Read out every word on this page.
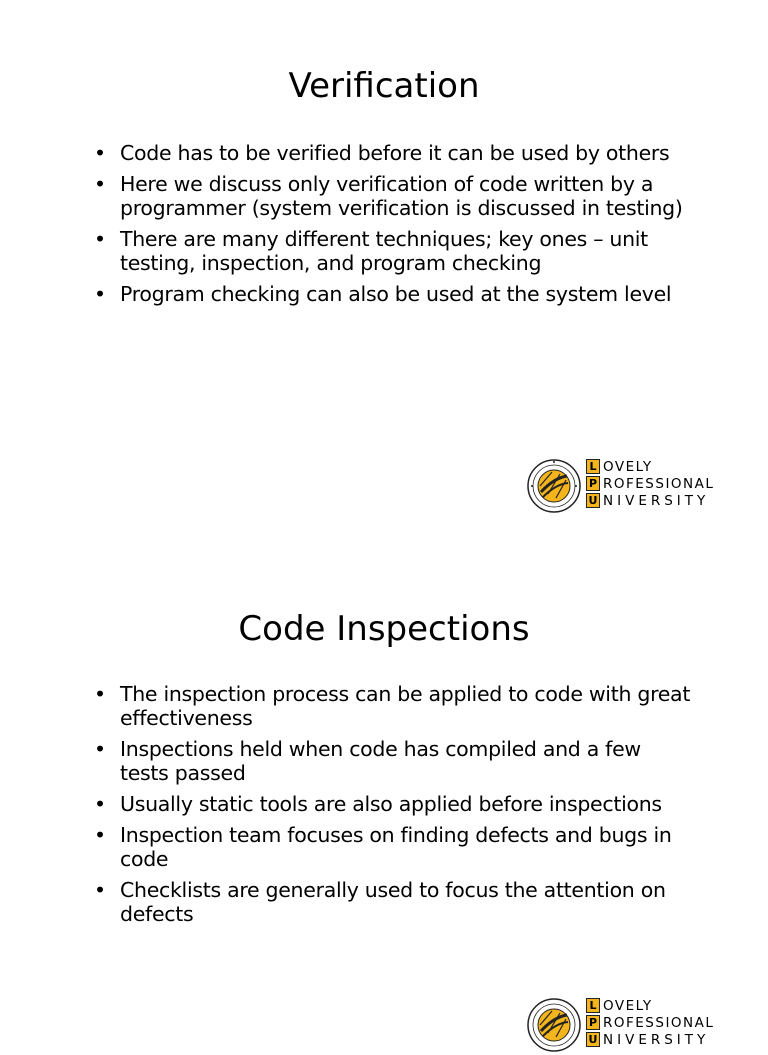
Verification
• Code has to be verified before it can be used by others
• Here we discuss only verification of code written by a programmer (system verification is discussed in testing)
• There are many different techniques; key ones – unit testing, inspection, and program checking
• Program checking can also be used at the system level
L OVELY
P ROFESSIONAL
U NIVERSITY
Code Inspections
• The inspection process can be applied to code with great effectiveness
• Inspections held when code has compiled and a few tests passed
• Usually static tools are also applied before inspections
• Inspection team focuses on finding defects and bugs in code
• Checklists are generally used to focus the attention on defects
L OVELY
P ROFESSIONAL
U NIVERSITY
